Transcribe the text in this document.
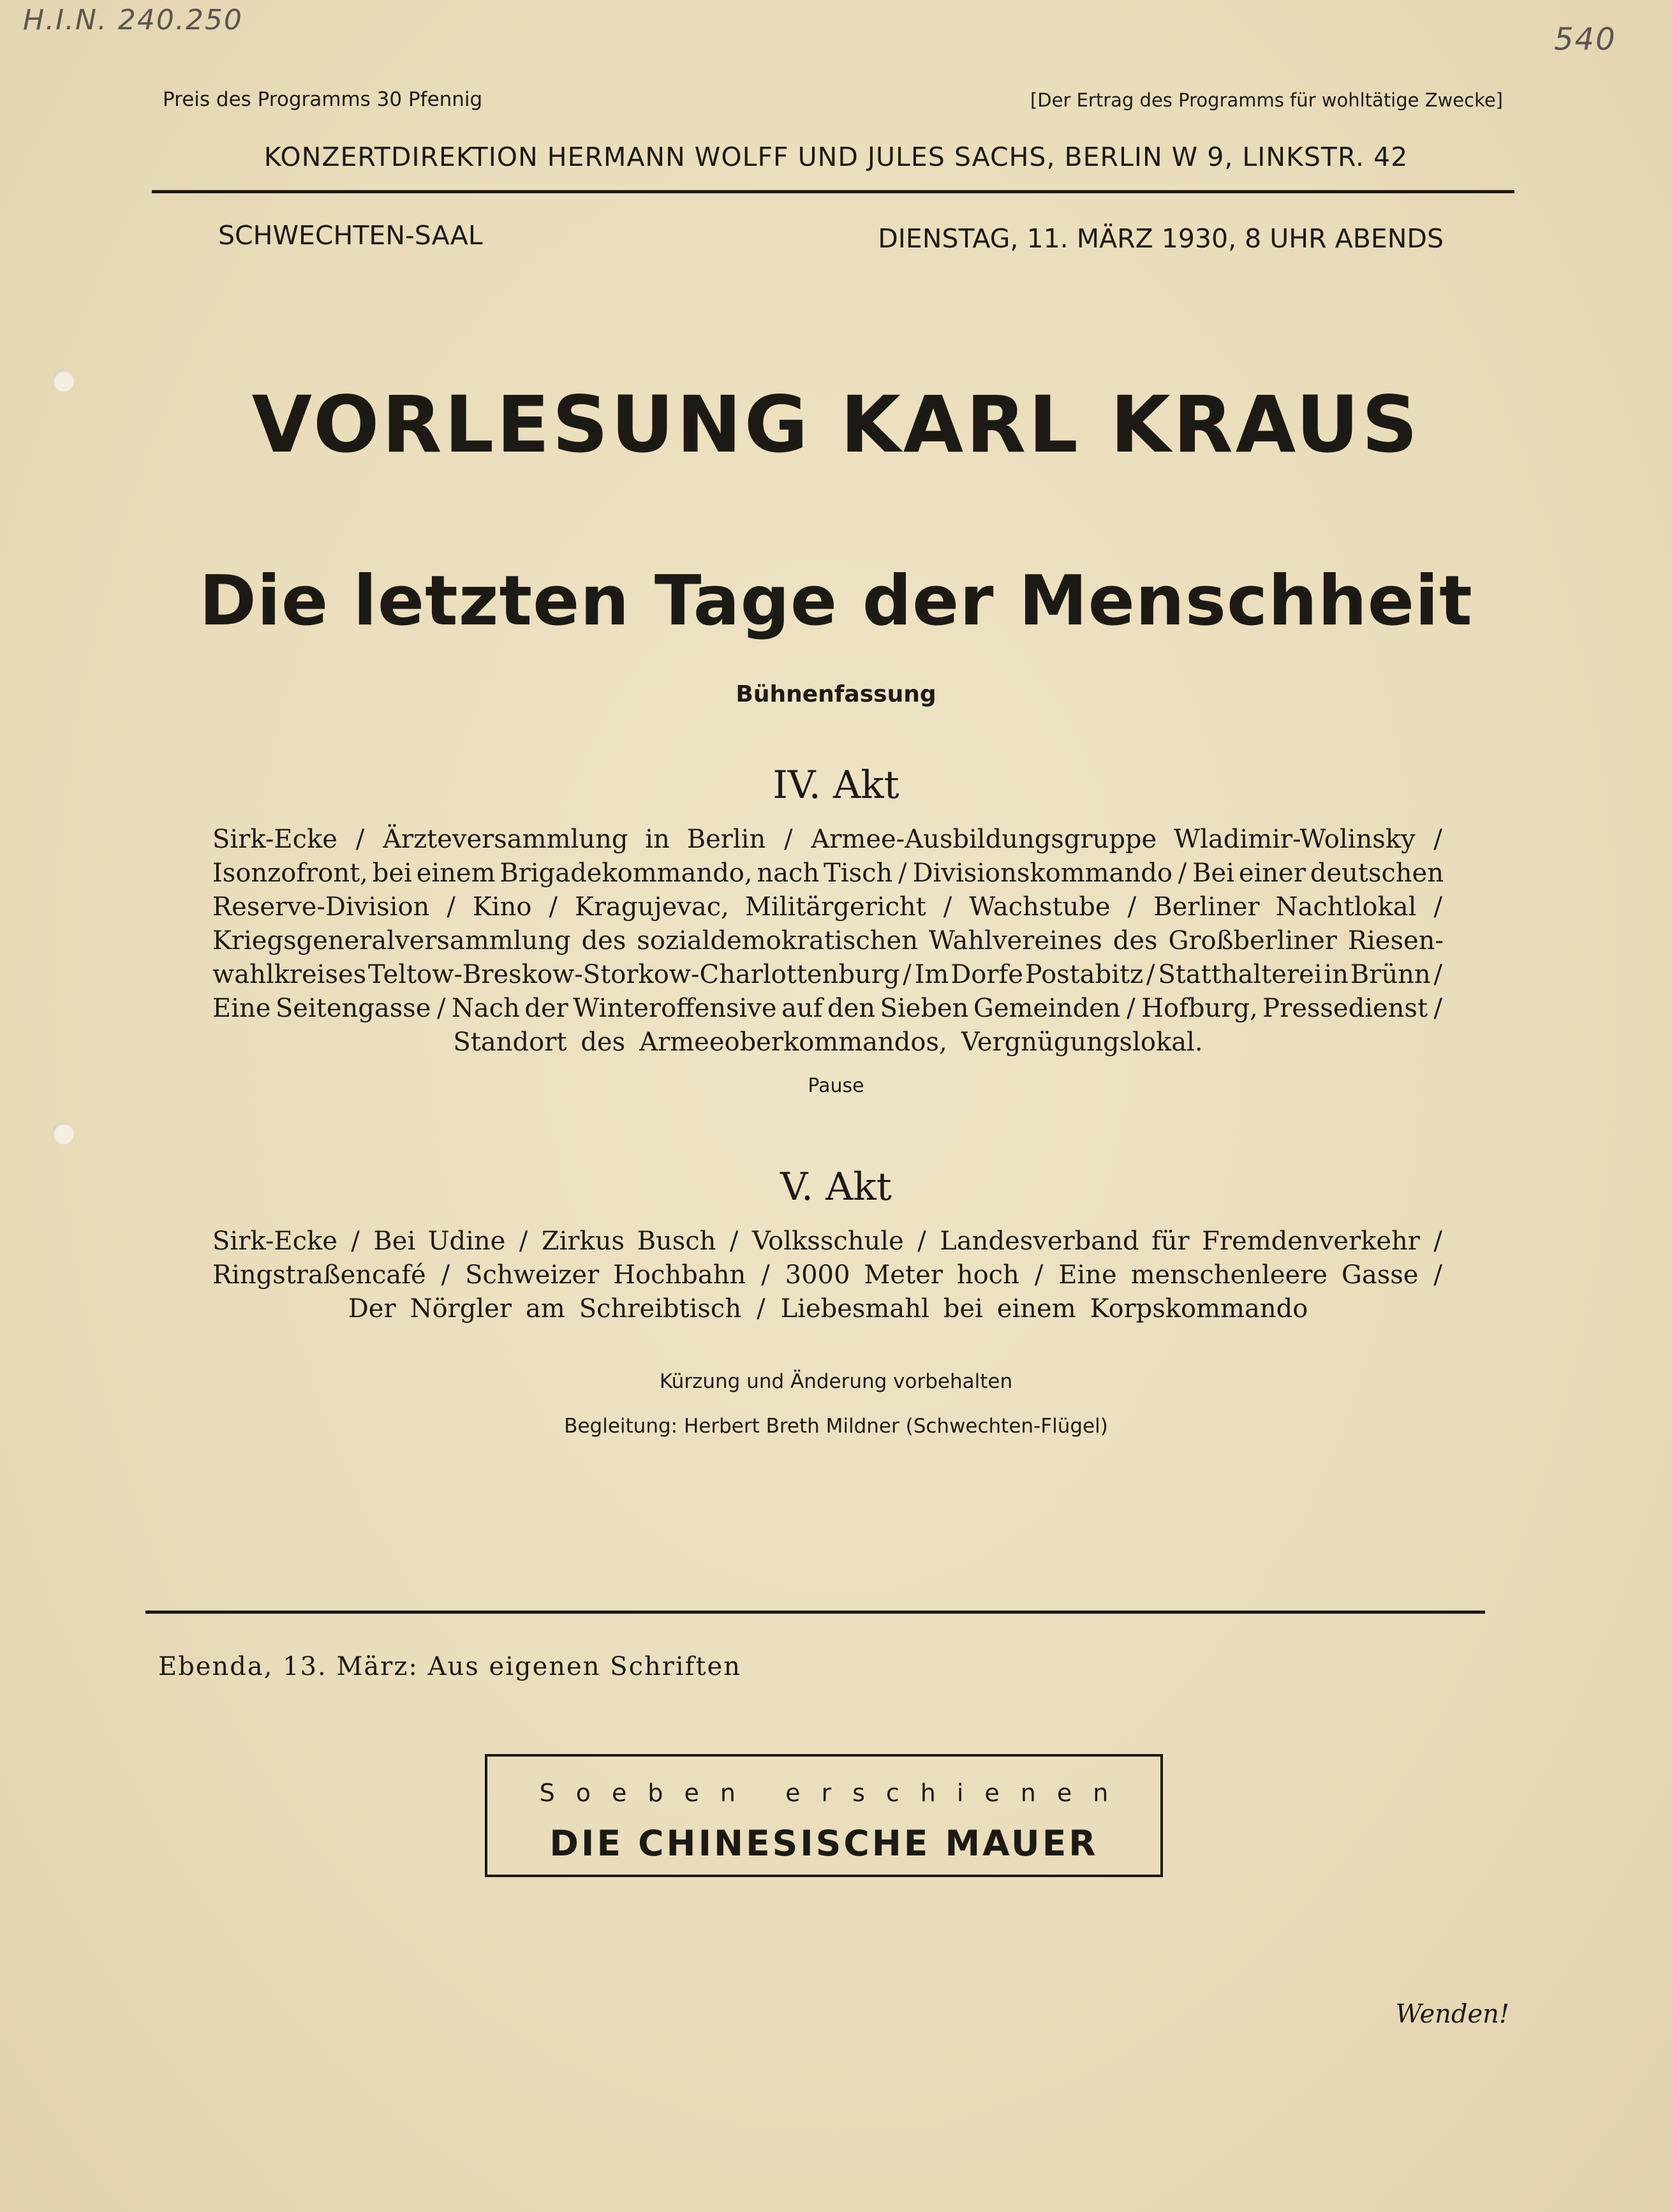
H.I.N. 240.250
540
Preis des Programms 30 Pfennig	[Der Ertrag des Programms für wohltätige Zwecke]
KONZERTDIREKTION HERMANN WOLFF UND JULES SACHS, BERLIN W 9, LINKSTR. 42
SCHWECHTEN-SAAL	DIENSTAG, 11. MÄRZ 1930, 8 UHR ABENDS
VORLESUNG KARL KRAUS
Die letzten Tage der Menschheit
Bühnenfassung
IV. Akt
Sirk-Ecke / Ärzteversammlung in Berlin / Armee-Ausbildungsgruppe Wladimir-Wolinsky /
Isonzofront, bei einem Brigadekommando, nach Tisch / Divisionskommando / Bei einer deutschen
Reserve-Division / Kino / Kragujevac, Militärgericht / Wachstube / Berliner Nachtlokal /
Kriegsgeneralversammlung des sozialdemokratischen Wahlvereines des Großberliner Riesen-
wahlkreises Teltow-Breskow-Storkow-Charlottenburg / Im Dorfe Postabitz / Statthalterei in Brünn /
Eine Seitengasse / Nach der Winteroffensive auf den Sieben Gemeinden / Hofburg, Pressedienst /
Standort des Armeeoberkommandos, Vergnügungslokal.
Pause
V. Akt
Sirk-Ecke / Bei Udine / Zirkus Busch / Volksschule / Landesverband für Fremdenverkehr /
Ringstraßencafé / Schweizer Hochbahn / 3000 Meter hoch / Eine menschenleere Gasse /
Der Nörgler am Schreibtisch / Liebesmahl bei einem Korpskommando
Kürzung und Änderung vorbehalten
Begleitung: Herbert Breth Mildner (Schwechten-Flügel)
Ebenda, 13. März: Aus eigenen Schriften
Soeben erschienen
DIE CHINESISCHE MAUER
Wenden!
